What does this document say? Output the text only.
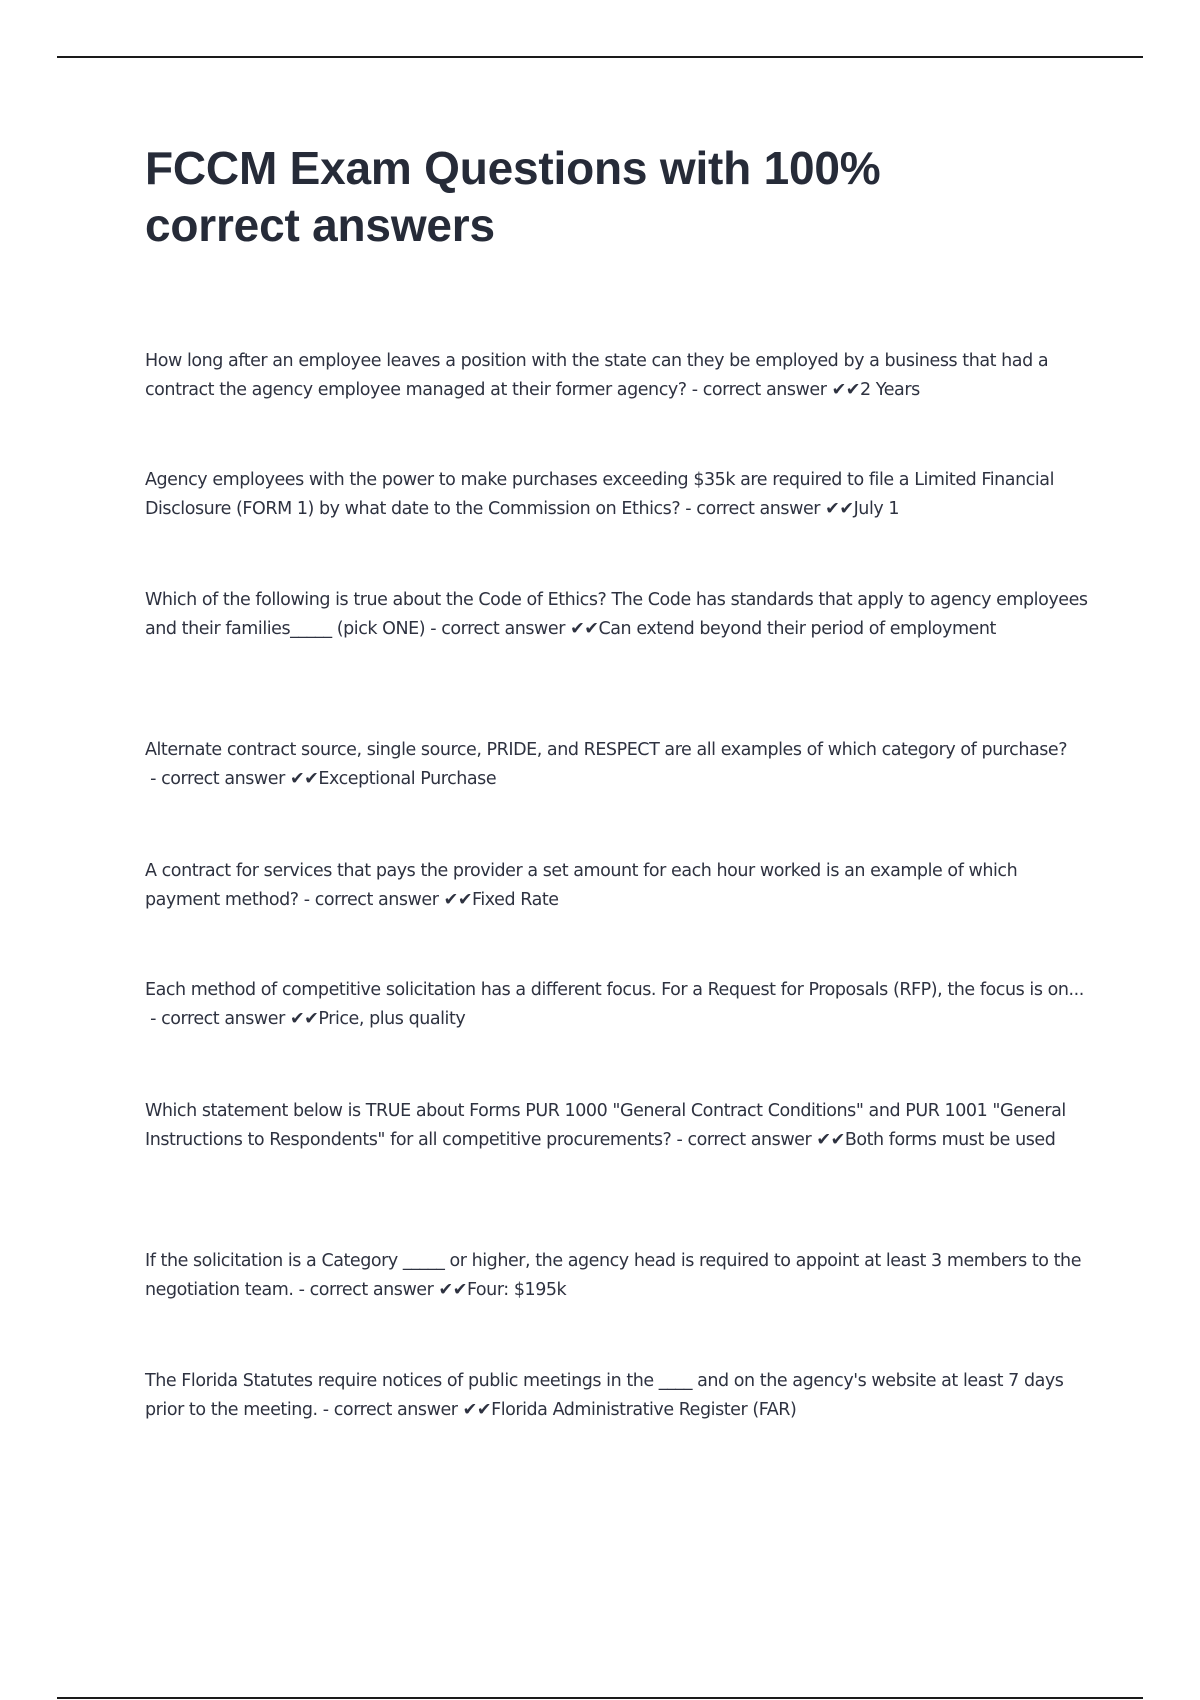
FCCM Exam Questions with 100% correct answers
How long after an employee leaves a position with the state can they be employed by a business that had a contract the agency employee managed at their former agency? - correct answer ✔✔2 Years
Agency employees with the power to make purchases exceeding $35k are required to file a Limited Financial Disclosure (FORM 1) by what date to the Commission on Ethics? - correct answer ✔✔July 1
Which of the following is true about the Code of Ethics? The Code has standards that apply to agency employees and their families_____ (pick ONE) - correct answer ✔✔Can extend beyond their period of employment
Alternate contract source, single source, PRIDE, and RESPECT are all examples of which category of purchase? - correct answer ✔✔Exceptional Purchase
A contract for services that pays the provider a set amount for each hour worked is an example of which payment method? - correct answer ✔✔Fixed Rate
Each method of competitive solicitation has a different focus. For a Request for Proposals (RFP), the focus is on... - correct answer ✔✔Price, plus quality
Which statement below is TRUE about Forms PUR 1000 "General Contract Conditions" and PUR 1001 "General Instructions to Respondents" for all competitive procurements? - correct answer ✔✔Both forms must be used
If the solicitation is a Category _____ or higher, the agency head is required to appoint at least 3 members to the negotiation team. - correct answer ✔✔Four: $195k
The Florida Statutes require notices of public meetings in the ____ and on the agency's website at least 7 days prior to the meeting. - correct answer ✔✔Florida Administrative Register (FAR)
